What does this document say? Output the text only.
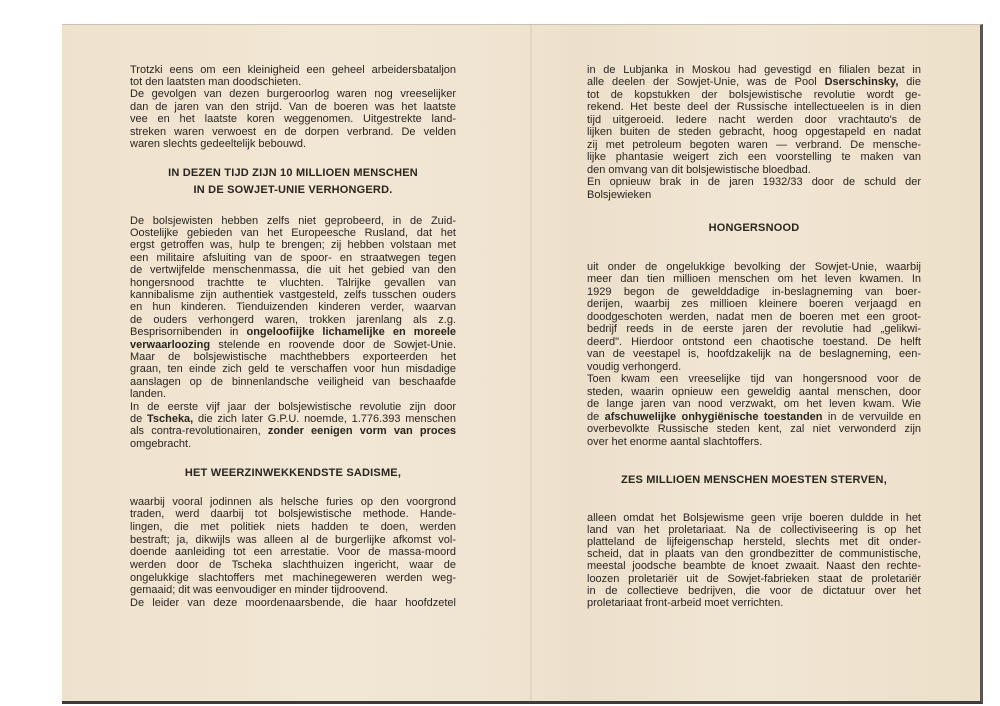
Trotzki eens om een kleinigheid een geheel arbeidersbataljon
tot den laatsten man doodschieten.
De gevolgen van dezen burgeroorlog waren nog vreeselijker
dan de jaren van den strijd. Van de boeren was het laatste
vee en het laatste koren weggenomen. Uitgestrekte land-
streken waren verwoest en de dorpen verbrand. De velden
waren slechts gedeeltelijk bebouwd.
IN DEZEN TIJD ZIJN 10 MILLIOEN MENSCHEN
IN DE SOWJET-UNIE VERHONGERD.
De bolsjewisten hebben zelfs niet geprobeerd, in de Zuid-
Oostelijke gebieden van het Europeesche Rusland, dat het
ergst getroffen was, hulp te brengen; zij hebben volstaan met
een militaire afsluiting van de spoor- en straatwegen tegen
de vertwijfelde menschenmassa, die uit het gebied van den
hongersnood trachtte te vluchten. Talrijke gevallen van
kannibalisme zijn authentiek vastgesteld, zelfs tusschen ouders
en hun kinderen. Tienduizenden kinderen verder, waarvan
de ouders verhongerd waren, trokken jarenlang als z.g.
Besprisornibenden in ongeloofiijke lichamelijke en moreele
verwaarloozing stelende en roovende door de Sowjet-Unie.
Maar de bolsjewistische machthebbers exporteerden het
graan, ten einde zich geld te verschaffen voor hun misdadige
aanslagen op de binnenlandsche veiligheid van beschaafde
landen.
In de eerste vijf jaar der bolsjewistische revolutie zijn door
de Tscheka, die zich later G.P.U. noemde, 1.776.393 menschen
als contra-revolutionairen, zonder eenigen vorm van proces
omgebracht.
HET WEERZINWEKKENDSTE SADISME,
waarbij vooral jodinnen als helsche furies op den voorgrond
traden, werd daarbij tot bolsjewistische methode. Hande-
lingen, die met politiek niets hadden te doen, werden
bestraft; ja, dikwijls was alleen al de burgerlijke afkomst vol-
doende aanleiding tot een arrestatie. Voor de massa-moord
werden door de Tscheka slachthuizen ingericht, waar de
ongelukkige slachtoffers met machinegeweren werden weg-
gemaaid; dit was eenvoudiger en minder tijdroovend.
De leider van deze moordenaarsbende, die haar hoofdzetel
in de Lubjanka in Moskou had gevestigd en filialen bezat in
alle deelen der Sowjet-Unie, was de Pool Dserschinsky, die
tot de kopstukken der bolsjewistische revolutie wordt ge-
rekend. Het beste deel der Russische intellectueelen is in dien
tijd uitgeroeid. Iedere nacht werden door vrachtauto's de
lijken buiten de steden gebracht, hoog opgestapeld en nadat
zij met petroleum begoten waren — verbrand. De mensche-
lijke phantasie weigert zich een voorstelling te maken van
den omvang van dit bolsjewistische bloedbad.
En opnieuw brak in de jaren 1932/33 door de schuld der
Bolsjewieken
HONGERSNOOD
uit onder de ongelukkige bevolking der Sowjet-Unie, waarbij
meer dan tien millioen menschen om het leven kwamen. In
1929 begon de gewelddadige in-beslagneming van boer-
derijen, waarbij zes millioen kleinere boeren verjaagd en
doodgeschoten werden, nadat men de boeren met een groot-
bedrijf reeds in de eerste jaren der revolutie had „gelikwi-
deerd". Hierdoor ontstond een chaotische toestand. De helft
van de veestapel is, hoofdzakelijk na de beslagneming, een-
voudig verhongerd.
Toen kwam een vreeselijke tijd van hongersnood voor de
steden, waarin opnieuw een geweldig aantal menschen, door
de lange jaren van nood verzwakt, om het leven kwam. Wie
de afschuwelijke onhygiënische toestanden in de vervuilde en
overbevolkte Russische steden kent, zal niet verwonderd zijn
over het enorme aantal slachtoffers.
ZES MILLIOEN MENSCHEN MOESTEN STERVEN,
alleen omdat het Bolsjewisme geen vrije boeren duldde in het
land van het proletariaat. Na de collectiviseering is op het
platteland de lijfeigenschap hersteld, slechts met dit onder-
scheid, dat in plaats van den grondbezitter de communistische,
meestal joodsche beambte de knoet zwaait. Naast den rechte-
loozen proletariër uit de Sowjet-fabrieken staat de proletariër
in de collectieve bedrijven, die voor de dictatuur over het
proletariaat front-arbeid moet verrichten.
